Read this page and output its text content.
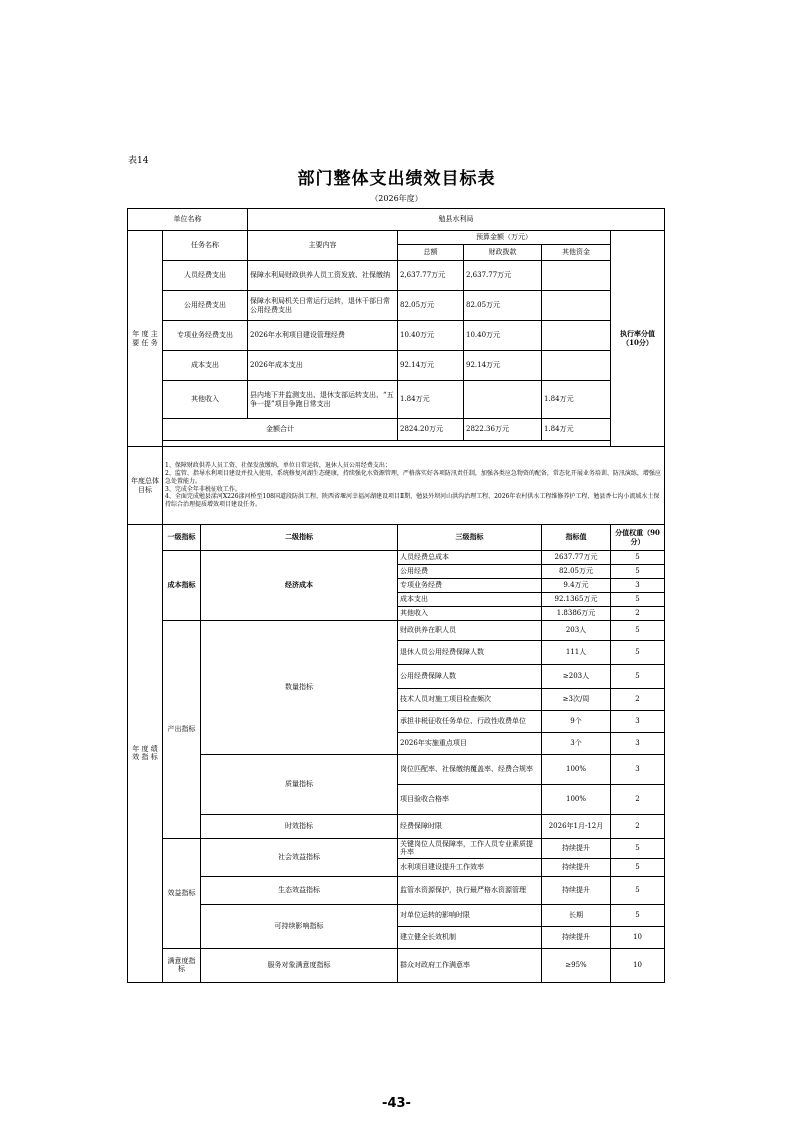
表14
部门整体支出绩效目标表
（2026年度）
单位名称			勉县水利局				
年 度 主 要 任 务	任务名称		主要内容	预算金额（万元）			执行率分值（10分）
				总额	财政拨款	其他资金	
	人员经费支出		保障水利局财政供养人员工资发放、社保缴纳	2,637.77万元	2,637.77万元		
	公用经费支出		保障水利局机关日常运行运转，退休干部日常公用经费支出	82.05万元	82.05万元		
	专项业务经费支出		2026年水利项目建设管理经费	10.40万元	10.40万元		
	成本支出		2026年成本支出	92.14万元	92.14万元		
	其他收入		县内地下井监测支出、退休支部运转支出、“五争一提”项目争跑日常支出	1.84万元		1.84万元	
	金额合计			2824.20万元	2822.36万元	1.84万元	

年度总体目标	1、保障财政供养人员工资、社保发放缴纳，单位日常运转，退休人员公用经费支出；
2、监管、指导水利项目建设并投入使用，系统修复河湖生态健康，持续强化水资源管理，严格落实好各项防汛责任制，加强各类应急物资的配备，常态化开展业务培训、防汛演练，增强应急处置能力。
3、完成全年非税征收工作。
4、全面完成勉县漾河X226漾河桥至108国道段防洪工程、陕西省堰河幸福河湖建设项目Ⅱ期、勉县外坝河山洪沟治理工程、2026年农村供水工程维修养护工程、勉县香七沟小流域水土保持综合治理提质增效项目建设任务。						

年 度 绩 效 指 标	一级指标	二级指标		三级指标		指标值	分值权重（90分）
	成本指标	经济成本		人员经费总成本		2637.77万元	5
				公用经费		82.05万元	5
				专项业务经费		9.4万元	3
				成本支出		92.1365万元	5
				其他收入		1.8386万元	2
	产出指标	数量指标		财政供养在职人员		203人	5
				退休人员公用经费保障人数		111人	5
				公用经费保障人数		≥203人	5
				技术人员对施工项目检查频次		≥3次/周	2
				承担非税征收任务单位、行政性收费单位		9个	3
				2026年实施重点项目		3个	3
		质量指标		岗位匹配率、社保缴纳覆盖率、经费合规率		100%	3
				项目验收合格率		100%	2
		时效指标		经费保障时限		2026年1月-12月	2
	效益指标	社会效益指标		关键岗位人员保障率，工作人员专业素质提升率		持续提升	5
				水利项目建设提升工作效率		持续提升	5
		生态效益指标		监管水资源保护，执行最严格水资源管理		持续提升	5
		可持续影响指标		对单位运转的影响时限		长期	5
				建立健全长效机制		持续提升	10
	满意度指标	服务对象满意度指标		群众对政府工作满意率		≥95%	10
-43-
